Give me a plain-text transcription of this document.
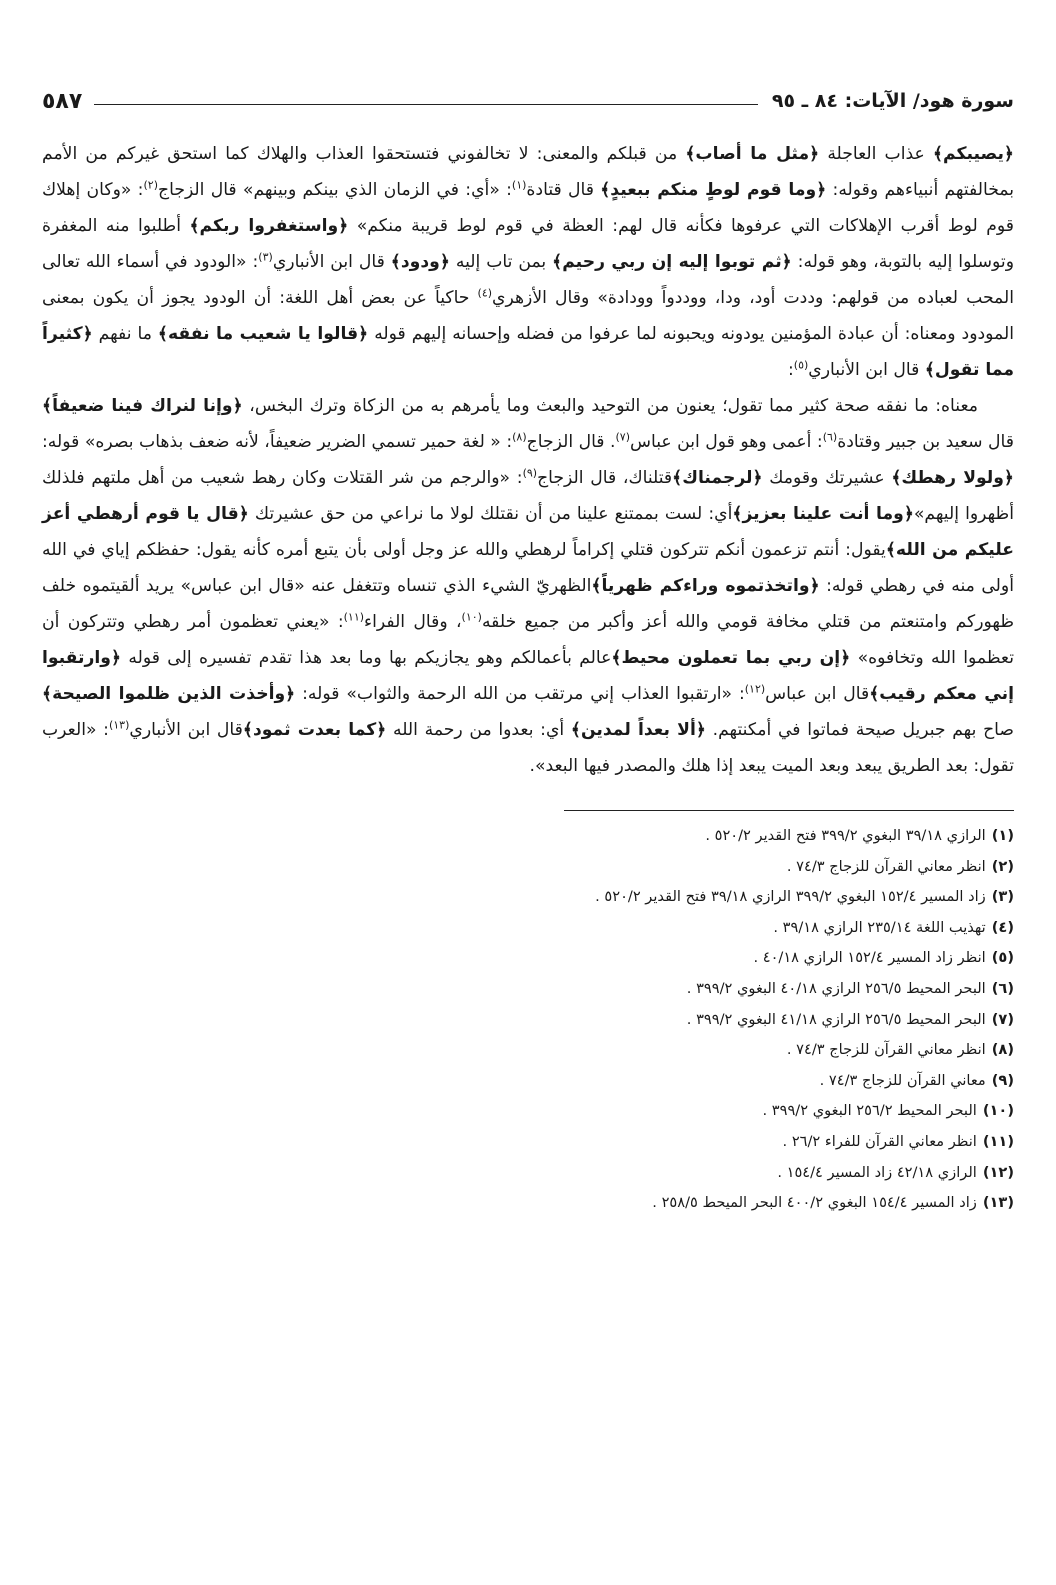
سورة هود/ الآيات: ٨٤ ـ ٩٥
٥٨٧

﴿يصيبكم﴾ عذاب العاجلة ﴿مثل ما أصاب﴾ من قبلكم والمعنى: لا تخالفوني فتستحقوا العذاب والهلاك كما استحق غيركم من الأمم بمخالفتهم أنبياءهم وقوله: ﴿وما قوم لوطٍ منكم ببعيدٍ﴾ قال قتادة$^{(١)}$: «أي: في الزمان الذي بينكم وبينهم» قال الزجاج$^{(٢)}$: «وكان إهلاك قوم لوط أقرب الإهلاكات التي عرفوها فكأنه قال لهم: العظة في قوم لوط قريبة منكم» ﴿واستغفروا ربكم﴾ أطلبوا منه المغفرة وتوسلوا إليه بالتوبة، وهو قوله: ﴿ثم توبوا إليه إن ربي رحيم﴾ بمن تاب إليه ﴿ودود﴾ قال ابن الأنباري$^{(٣)}$: «الودود في أسماء الله تعالى المحب لعباده من قولهم: وددت أود، ودا، ووددواً وودادة» وقال الأزهري$^{(٤)}$ حاكياً عن بعض أهل اللغة: أن الودود يجوز أن يكون بمعنى المودود ومعناه: أن عبادة المؤمنين يودونه ويحبونه لما عرفوا من فضله وإحسانه إليهم قوله ﴿قالوا يا شعيب ما نفقه﴾ ما نفهم ﴿كثيراً مما تقول﴾ قال ابن الأنباري$^{(٥)}$:

معناه: ما نفقه صحة كثير مما تقول؛ يعنون من التوحيد والبعث وما يأمرهم به من الزكاة وترك البخس، ﴿وإنا لنراك فينا ضعيفاً﴾ قال سعيد بن جبير وقتادة$^{(٦)}$: أعمى وهو قول ابن عباس$^{(٧)}$. قال الزجاج$^{(٨)}$: « لغة حمير تسمي الضرير ضعيفاً، لأنه ضعف بذهاب بصره» قوله: ﴿ولولا رهطك﴾ عشيرتك وقومك ﴿لرجمناك﴾قتلناك، قال الزجاج$^{(٩)}$: «والرجم من شر القتلات وكان رهط شعيب من أهل ملتهم فلذلك أظهروا إليهم»﴿وما أنت علينا بعزيز﴾أي: لست بممتنع علينا من أن نقتلك لولا ما نراعي من حق عشيرتك ﴿قال يا قوم أرهطي أعز عليكم من الله﴾يقول: أنتم تزعمون أنكم تتركون قتلي إكراماً لرهطي والله عز وجل أولى بأن يتبع أمره كأنه يقول: حفظكم إياي في الله أولى منه في رهطي قوله: ﴿واتخذتموه وراءكم ظهرياً﴾الظهريّ الشيء الذي تنساه وتتغفل عنه «قال ابن عباس» يريد ألقيتموه خلف ظهوركم وامتنعتم من قتلي مخافة قومي والله أعز وأكبر من جميع خلقه$^{(١٠)}$، وقال الفراء$^{(١١)}$: «يعني تعظمون أمر رهطي وتتركون أن تعظموا الله وتخافوه» ﴿إن ربي بما تعملون محيط﴾عالم بأعمالكم وهو يجازيكم بها وما بعد هذا تقدم تفسيره إلى قوله ﴿وارتقبوا إني معكم رقيب﴾قال ابن عباس$^{(١٢)}$: «ارتقبوا العذاب إني مرتقب من الله الرحمة والثواب» قوله: ﴿وأخذت الذين ظلموا الصيحة﴾صاح بهم جبريل صيحة فماتوا في أمكنتهم. ﴿ألا بعداً لمدين﴾ أي: بعدوا من رحمة الله ﴿كما بعدت ثمود﴾قال ابن الأنباري$^{(١٣)}$: «العرب تقول: بعد الطريق يبعد وبعد الميت يبعد إذا هلك والمصدر فيها البعد».

(١)الرازي ٣٩/١٨ البغوي ٣٩٩/٢ فتح القدير ٥٢٠/٢ .
(٢)انظر معاني القرآن للزجاج ٧٤/٣ .
(٣)زاد المسير ١٥٢/٤ البغوي ٣٩٩/٢ الرازي ٣٩/١٨ فتح القدير ٥٢٠/٢ .
(٤)تهذيب اللغة ٢٣٥/١٤ الرازي ٣٩/١٨ .
(٥)انظر زاد المسير ١٥٢/٤ الرازي ٤٠/١٨ .
(٦)البحر المحيط ٢٥٦/٥ الرازي ٤٠/١٨ البغوي ٣٩٩/٢ .
(٧)البحر المحيط ٢٥٦/٥ الرازي ٤١/١٨ البغوي ٣٩٩/٢ .
(٨)انظر معاني القرآن للزجاج ٧٤/٣ .
(٩)معاني القرآن للزجاج ٧٤/٣ .
(١٠)البحر المحيط ٢٥٦/٢ البغوي ٣٩٩/٢ .
(١١)انظر معاني القرآن للفراء ٢٦/٢ .
(١٢)الرازي ٤٢/١٨ زاد المسير ١٥٤/٤ .
(١٣)زاد المسير ١٥٤/٤ البغوي ٤٠٠/٢ البحر الميحط ٢٥٨/٥ .
